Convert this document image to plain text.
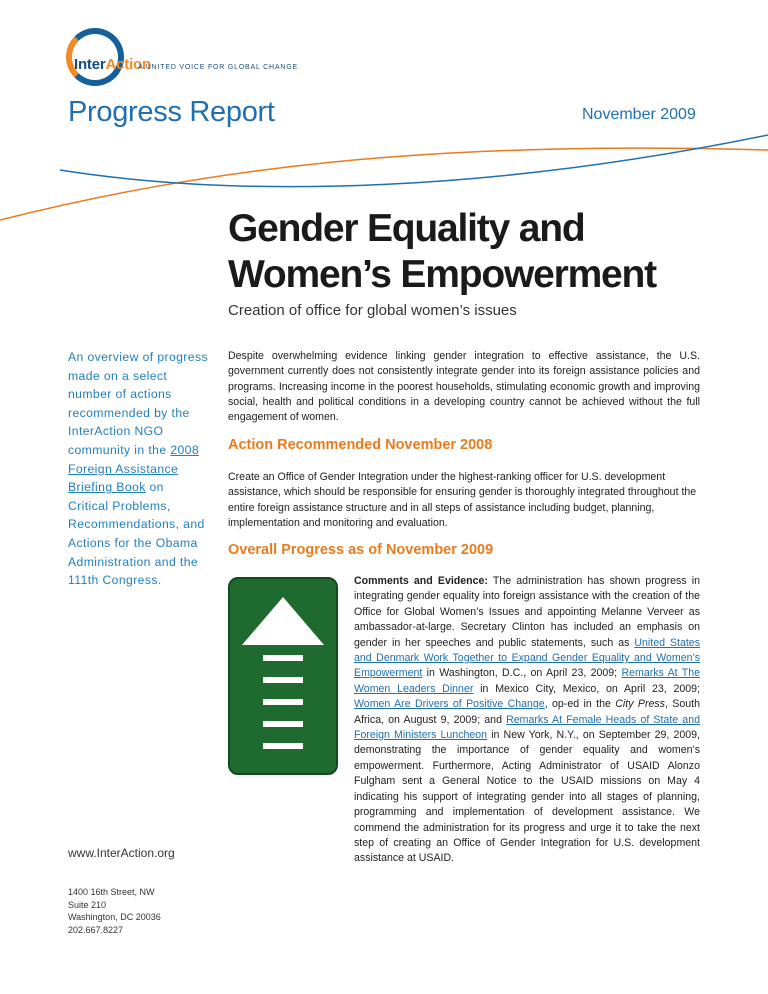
InterAction
A UNITED VOICE FOR GLOBAL CHANGE
Progress Report	November 2009
Gender Equality and
Women’s Empowerment
Creation of office for global women’s issues
An overview of progress made on a select number of actions recommended by the InterAction NGO community in the 2008 Foreign Assistance Briefing Book on Critical Problems, Recommendations, and Actions for the Obama Administration and the 111th Congress.
www.InterAction.org
1400 16th Street, NW
Suite 210
Washington, DC 20036
202.667.8227
Despite overwhelming evidence linking gender integration to effective assistance, the U.S. government currently does not consistently integrate gender into its foreign assistance policies and programs. Increasing income in the poorest households, stimulating economic growth and improving social, health and political conditions in a developing country cannot be achieved without the full engagement of women.
Action Recommended November 2008
Create an Office of Gender Integration under the highest-ranking officer for U.S. development assistance, which should be responsible for ensuring gender is thoroughly integrated throughout the entire foreign assistance structure and in all steps of assistance including budget, planning, implementation and monitoring and evaluation.
Overall Progress as of November 2009
Comments and Evidence: The administration has shown progress in integrating gender equality into foreign assistance with the creation of the Office for Global Women’s Issues and appointing Melanne Verveer as ambassador-at-large. Secretary Clinton has included an emphasis on gender in her speeches and public statements, such as United States and Denmark Work Together to Expand Gender Equality and Women’s Empowerment in Washington, D.C., on April 23, 2009; Remarks At The Women Leaders Dinner in Mexico City, Mexico, on April 23, 2009; Women Are Drivers of Positive Change, op-ed in the City Press, South Africa, on August 9, 2009; and Remarks At Female Heads of State and Foreign Ministers Luncheon in New York, N.Y., on September 29, 2009, demonstrating the importance of gender equality and women’s empowerment. Furthermore, Acting Administrator of USAID Alonzo Fulgham sent a General Notice to the USAID missions on May 4 indicating his support of integrating gender into all stages of planning, programming and implementation of development assistance. We commend the administration for its progress and urge it to take the next step of creating an Office of Gender Integration for U.S. development assistance at USAID.
